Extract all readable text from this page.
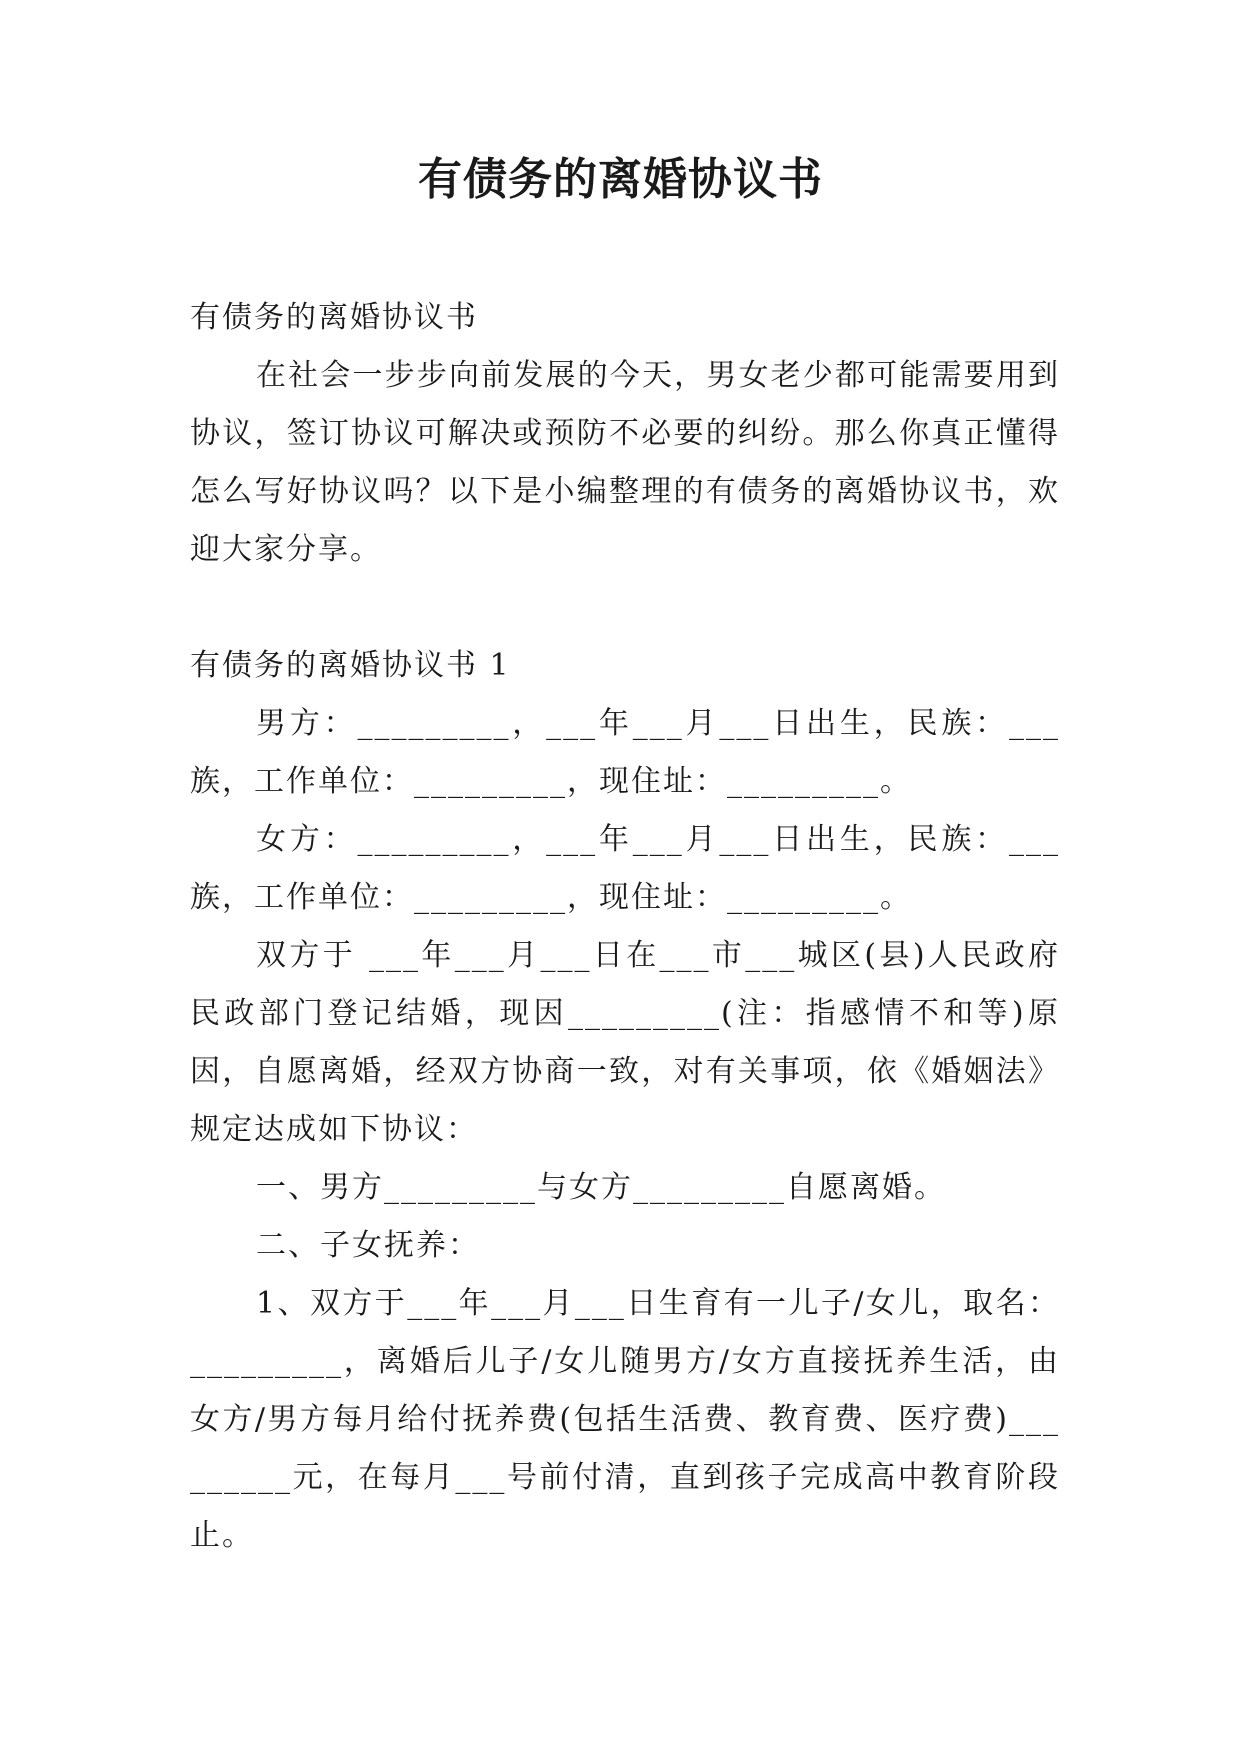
有债务的离婚协议书

有债务的离婚协议书

在社会一步步向前发展的今天，男女老少都可能需要用到协议，签订协议可解决或预防不必要的纠纷。那么你真正懂得怎么写好协议吗？以下是小编整理的有债务的离婚协议书，欢迎大家分享。

有债务的离婚协议书 1

男方：_________，___年___月___日出生，民族：___族，工作单位：_________，现住址：_________。

女方：_________，___年___月___日出生，民族：___族，工作单位：_________，现住址：_________。

双方于 ___年___月___日在___市___城区(县)人民政府民政部门登记结婚，现因_________(注：指感情不和等)原因，自愿离婚，经双方协商一致，对有关事项，依《婚姻法》规定达成如下协议：

一、男方_________与女方_________自愿离婚。

二、子女抚养：

1、双方于___年___月___日生育有一儿子/女儿，取名：_________，离婚后儿子/女儿随男方/女方直接抚养生活，由女方/男方每月给付抚养费(包括生活费、教育费、医疗费)_________元，在每月___号前付清，直到孩子完成高中教育阶段止。
